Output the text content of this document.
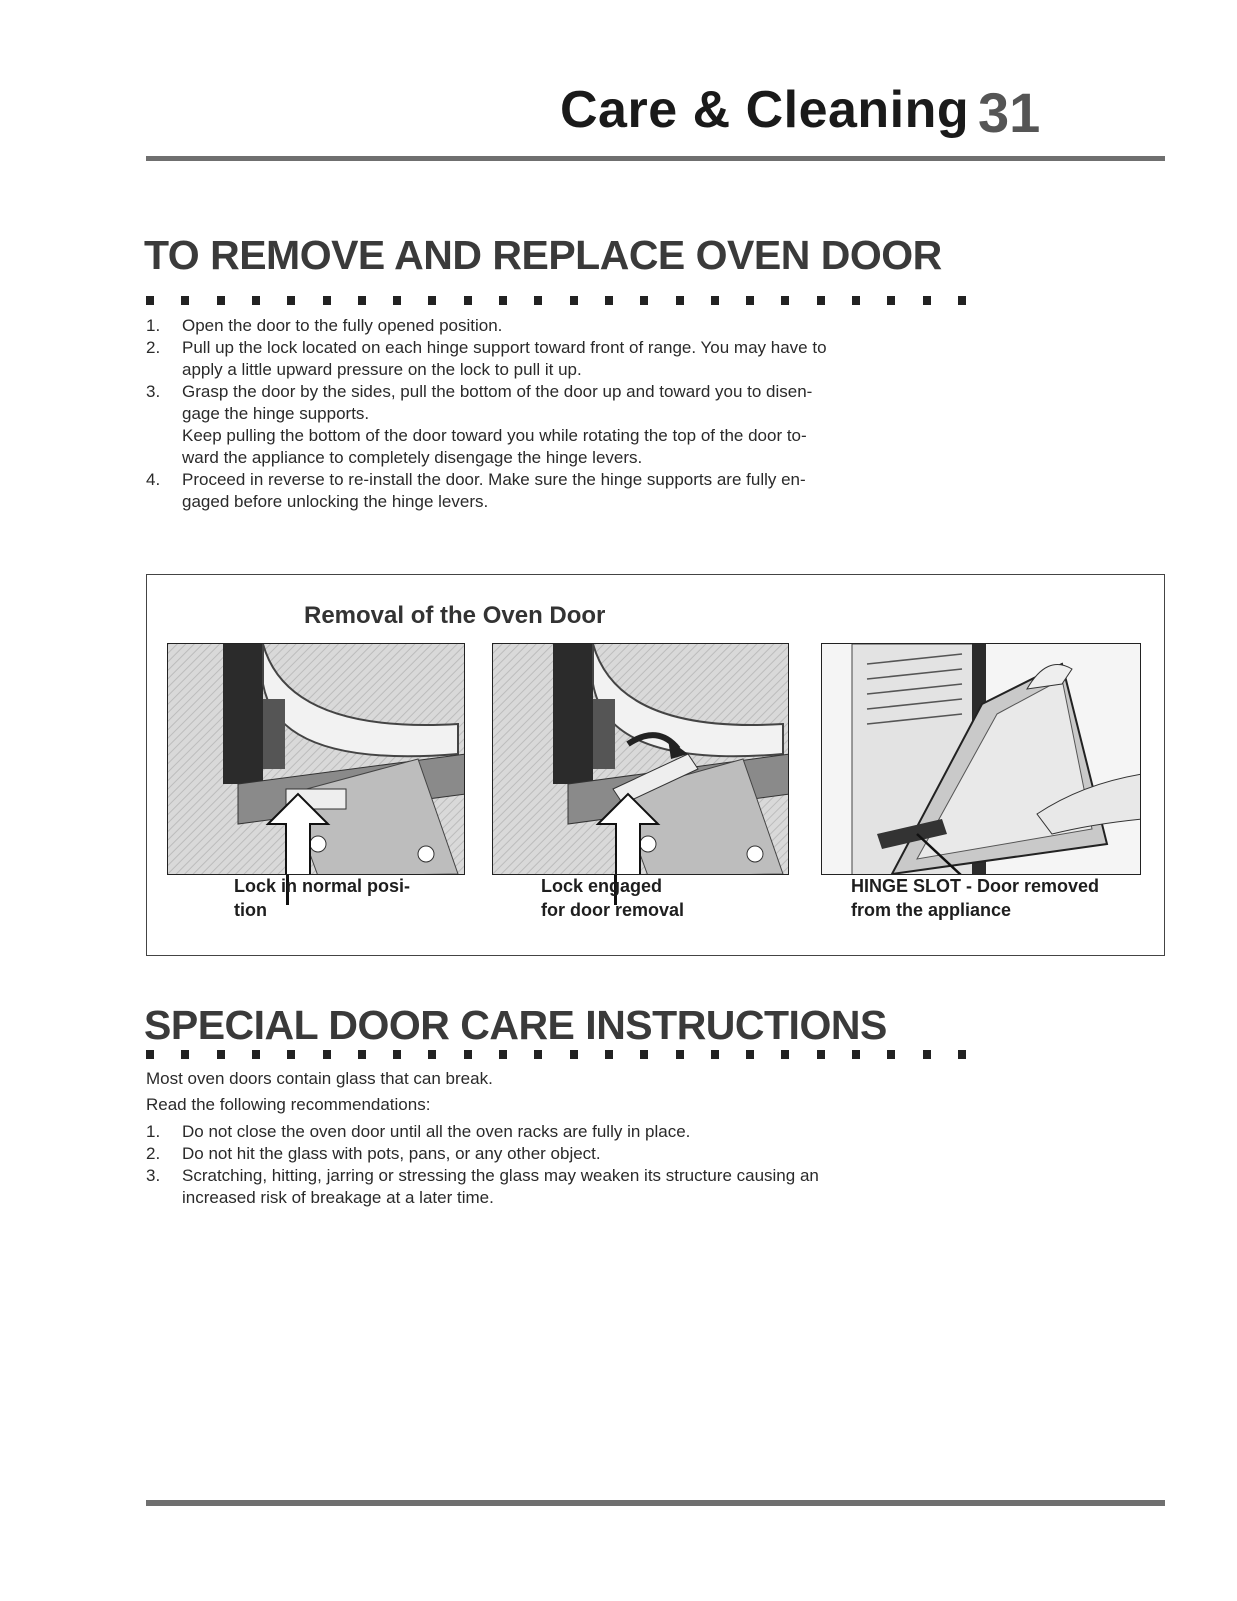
Care & Cleaning 31
TO REMOVE AND REPLACE OVEN DOOR
1. Open the door to the fully opened position.
2. Pull up the lock located on each hinge support toward front of range. You may have to
apply a little upward pressure on the lock to pull it up.
3. Grasp the door by the sides, pull the bottom of the door up and toward you to disen-
gage the hinge supports.
Keep pulling the bottom of the door toward you while rotating the top of the door to-
ward the appliance to completely disengage the hinge levers.
4. Proceed in reverse to re-install the door. Make sure the hinge supports are fully en-
gaged before unlocking the hinge levers.
Removal of the Oven Door
Lock in normal posi-
tion
Lock engaged
for door removal
HINGE SLOT - Door removed
from the appliance
SPECIAL DOOR CARE INSTRUCTIONS
Most oven doors contain glass that can break.
Read the following recommendations:
1. Do not close the oven door until all the oven racks are fully in place.
2. Do not hit the glass with pots, pans, or any other object.
3. Scratching, hitting, jarring or stressing the glass may weaken its structure causing an
increased risk of breakage at a later time.
